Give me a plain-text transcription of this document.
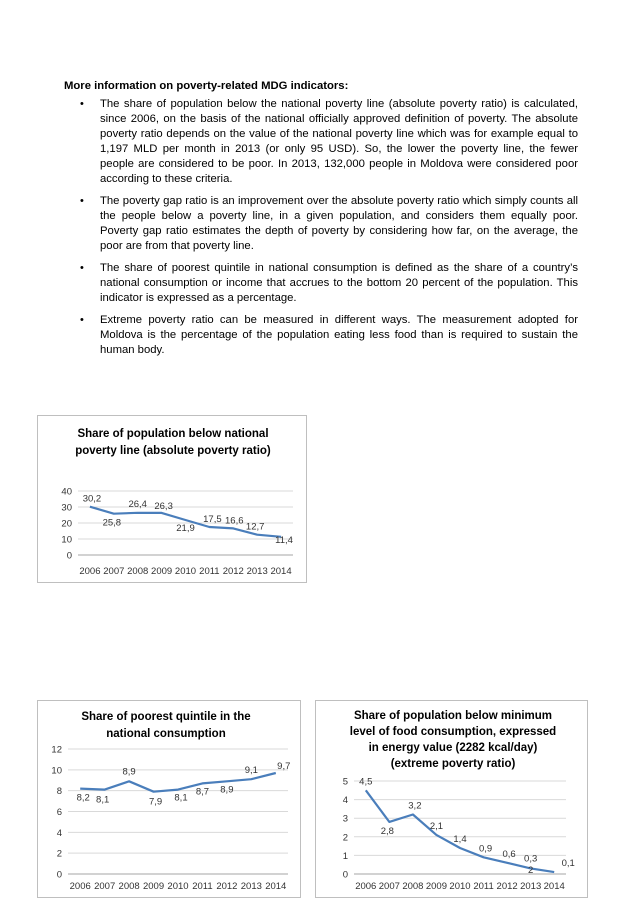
More information on poverty-related MDG indicators:

• The share of population below the national poverty line (absolute poverty ratio) is calculated, since 2006, on the basis of the national officially approved definition of poverty. The absolute poverty ratio depends on the value of the national poverty line which was for example equal to 1,197 MLD per month in 2013 (or only 95 USD). So, the lower the poverty line, the fewer people are considered to be poor. In 2013, 132,000 people in Moldova were considered poor according to these criteria.
• The poverty gap ratio is an improvement over the absolute poverty ratio which simply counts all the people below a poverty line, in a given population, and considers them equally poor. Poverty gap ratio estimates the depth of poverty by considering how far, on the average, the poor are from that poverty line.
• The share of poorest quintile in national consumption is defined as the share of a country’s national consumption or income that accrues to the bottom 20 percent of the population. This indicator is expressed as a percentage.
• Extreme poverty ratio can be measured in different ways. The measurement adopted for Moldova is the percentage of the population eating less food than is required to sustain the human body.
Share of population below national
poverty line (absolute poverty ratio)
0
10
20
30
40
2006 2007 2008 2009 2010 2011 2012 2013 2014
30,2
25,8
26,4 26,3
21,9
17,5 16,6
12,7
11,4
Share of poorest quintile in the
national consumption
0
2
4
6
8
10
12
2006 2007 2008 2009 2010 2011 2012 2013 2014
8,2 8,1
8,9
7,9 8,1
8,7 8,9
9,1 9,7
Share of population below minimum
level of food consumption, expressed
in energy value (2282 kcal/day)
(extreme poverty ratio)
0
1
2
3
4
5
2006 2007 2008 2009 2010 2011 2012 2013 2014
4,5
2,8
3,2
2,1
1,4
0,9
0,6 0,3	0,1
2
